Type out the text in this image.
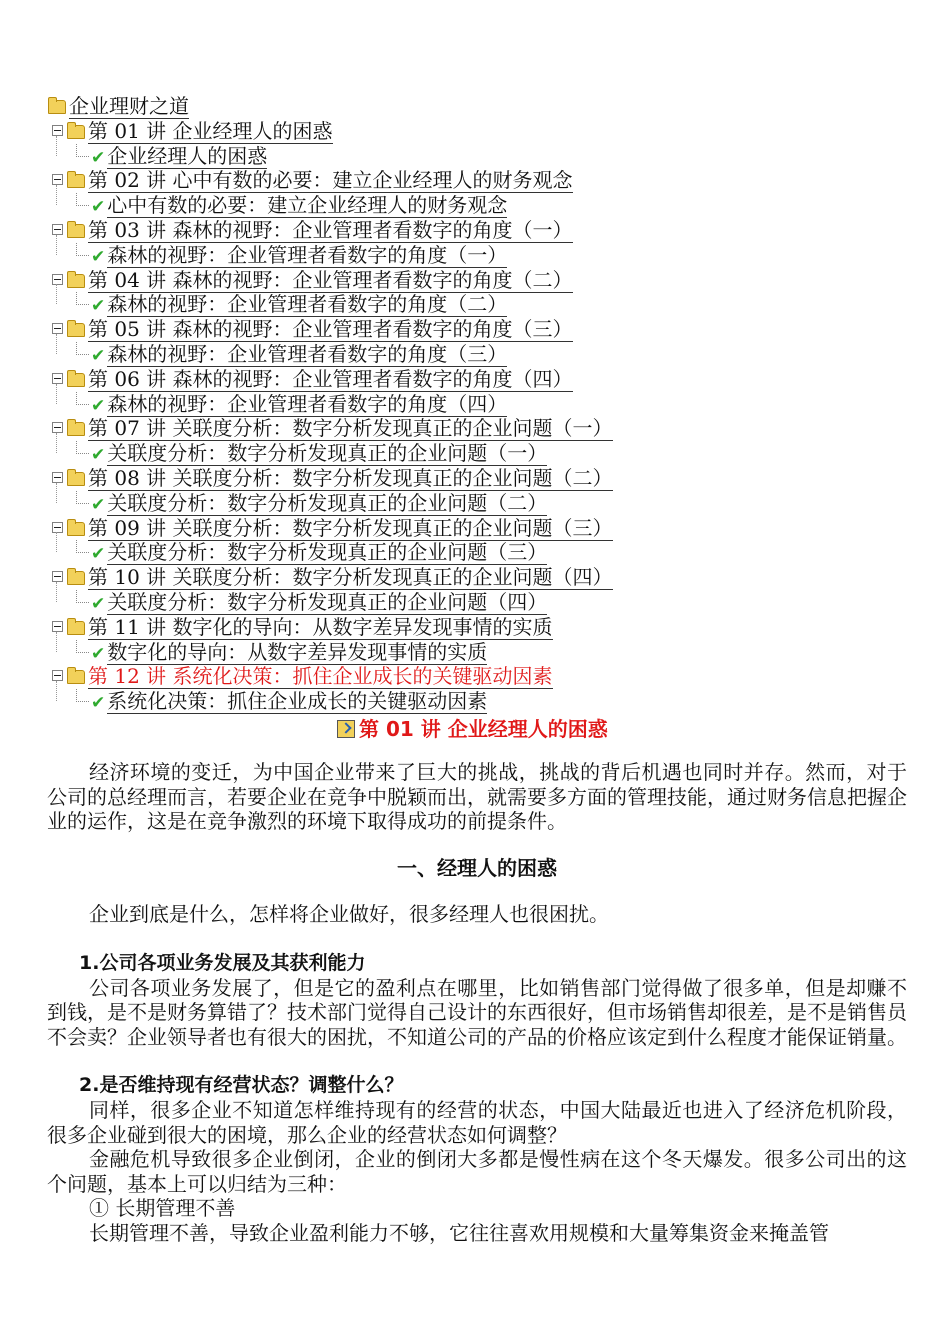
企业理财之道
第 01 讲 企业经理人的困惑
✔ 企业经理人的困惑
第 02 讲 心中有数的必要：建立企业经理人的财务观念
✔ 心中有数的必要：建立企业经理人的财务观念
第 03 讲 森林的视野：企业管理者看数字的角度（一）
✔ 森林的视野：企业管理者看数字的角度（一）
第 04 讲 森林的视野：企业管理者看数字的角度（二）
✔ 森林的视野：企业管理者看数字的角度（二）
第 05 讲 森林的视野：企业管理者看数字的角度（三）
✔ 森林的视野：企业管理者看数字的角度（三）
第 06 讲 森林的视野：企业管理者看数字的角度（四）
✔ 森林的视野：企业管理者看数字的角度（四）
第 07 讲 关联度分析：数字分析发现真正的企业问题（一）
✔ 关联度分析：数字分析发现真正的企业问题（一）
第 08 讲 关联度分析：数字分析发现真正的企业问题（二）
✔ 关联度分析：数字分析发现真正的企业问题（二）
第 09 讲 关联度分析：数字分析发现真正的企业问题（三）
✔ 关联度分析：数字分析发现真正的企业问题（三）
第 10 讲 关联度分析：数字分析发现真正的企业问题（四）
✔ 关联度分析：数字分析发现真正的企业问题（四）
第 11 讲 数字化的导向：从数字差异发现事情的实质
✔ 数字化的导向：从数字差异发现事情的实质
第 12 讲 系统化决策：抓住企业成长的关键驱动因素
✔ 系统化决策：抓住企业成长的关键驱动因素
第 01 讲 企业经理人的困惑

经济环境的变迁，为中国企业带来了巨大的挑战，挑战的背后机遇也同时并存。然而，对于公司的总经理而言，若要企业在竞争中脱颖而出，就需要多方面的管理技能，通过财务信息把握企业的运作，这是在竞争激烈的环境下取得成功的前提条件。

一、经理人的困惑

企业到底是什么，怎样将企业做好，很多经理人也很困扰。

1.公司各项业务发展及其获利能力

公司各项业务发展了，但是它的盈利点在哪里，比如销售部门觉得做了很多单，但是却赚不到钱，是不是财务算错了？技术部门觉得自己设计的东西很好，但市场销售却很差，是不是销售员不会卖？企业领导者也有很大的困扰，不知道公司的产品的价格应该定到什么程度才能保证销量。

2.是否维持现有经营状态？调整什么？

同样，很多企业不知道怎样维持现有的经营的状态，中国大陆最近也进入了经济危机阶段，很多企业碰到很大的困境，那么企业的经营状态如何调整？

金融危机导致很多企业倒闭，企业的倒闭大多都是慢性病在这个冬天爆发。很多公司出的这个问题，基本上可以归结为三种：

① 长期管理不善

长期管理不善，导致企业盈利能力不够，它往往喜欢用规模和大量筹集资金来掩盖管
